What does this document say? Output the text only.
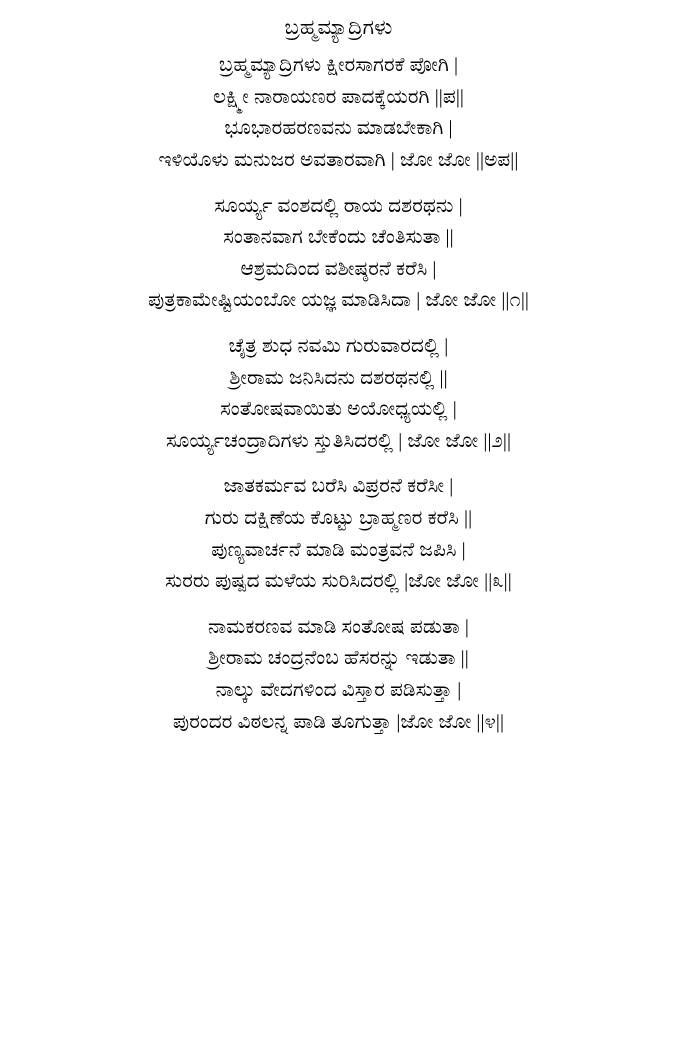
ಬ್ರಹ್ಮಮ್ಯಾದ್ರಿಗಳು
ಬ್ರಹ್ಮಮ್ಯಾದ್ರಿಗಳು ಕ್ಷೀರಸಾಗರಕೆ ಪೋಗಿ |
ಲಕ್ಷ್ಮೀ ನಾರಾಯಣರ ಪಾದಕ್ಕೆಯರಗಿ ||ಪ||
ಭೂಭಾರಹರಣವನು ಮಾಡಬೇಕಾಗಿ |
ಇಳಿಯೊಳು ಮನುಜರ ಅವತಾರವಾಗಿ | ಜೋ ಜೋ ||ಅಪ||
ಸೂರ್ಯ್ಯ ವಂಶದಲ್ಲಿ ರಾಯ ದಶರಥನು |
ಸಂತಾನವಾಗ ಬೇಕೆಂದು ಚೆಂತಿಸುತಾ ||
ಆಶ್ರಮದಿಂದ ವಶೀಷ್ಠರನೆ ಕರೆಸಿ |
ಪುತ್ರಕಾಮೇಷ್ಟಿಯಂಬೋ ಯಜ್ಞ ಮಾಡಿಸಿದಾ | ಜೋ ಜೋ ||೧||
ಚೈತ್ರ ಶುಧ ನವಮಿ ಗುರುವಾರದಲ್ಲಿ |
ಶ್ರೀರಾಮ ಜನಿಸಿದನು ದಶರಥನಲ್ಲಿ ||
ಸಂತೋಷವಾಯಿತು ಅಯೋಧ್ಯಯಲ್ಲಿ |
ಸೂರ್ಯ್ಯಚಂದ್ರಾದಿಗಳು ಸ್ತುತಿಸಿದರಲ್ಲಿ | ಜೋ ಜೋ ||೨||
ಜಾತಕರ್ಮವ ಬರೆಸಿ ವಿಪ್ರರನೆ ಕರೆಸೀ |
ಗುರು ದಕ್ಷಿಣೆಯ ಕೊಟ್ಟು ಬ್ರಾಹ್ಮಣರ ಕರೆಸಿ ||
ಪುಣ್ಯವಾರ್ಚನೆ ಮಾಡಿ ಮಂತ್ರವನೆ ಜಪಿಸಿ |
ಸುರರು ಪುಷ್ಪದ ಮಳೆಯ ಸುರಿಸಿದರಲ್ಲಿ |ಜೋ ಜೋ ||೩||
ನಾಮಕರಣವ ಮಾಡಿ ಸಂತೋಷ ಪಡುತಾ |
ಶ್ರೀರಾಮ ಚಂದ್ರನೆಂಬ ಹೆಸರನ್ನು ಇಡುತಾ ||
ನಾಲ್ಕು ವೇದಗಳಿಂದ ವಿಸ್ತಾರ ಪಡಿಸುತ್ತಾ |
ಪುರಂದರ ವಿಠಲನ್ನ ಪಾಡಿ ತೂಗುತ್ತಾ |ಜೋ ಜೋ ||೪||
